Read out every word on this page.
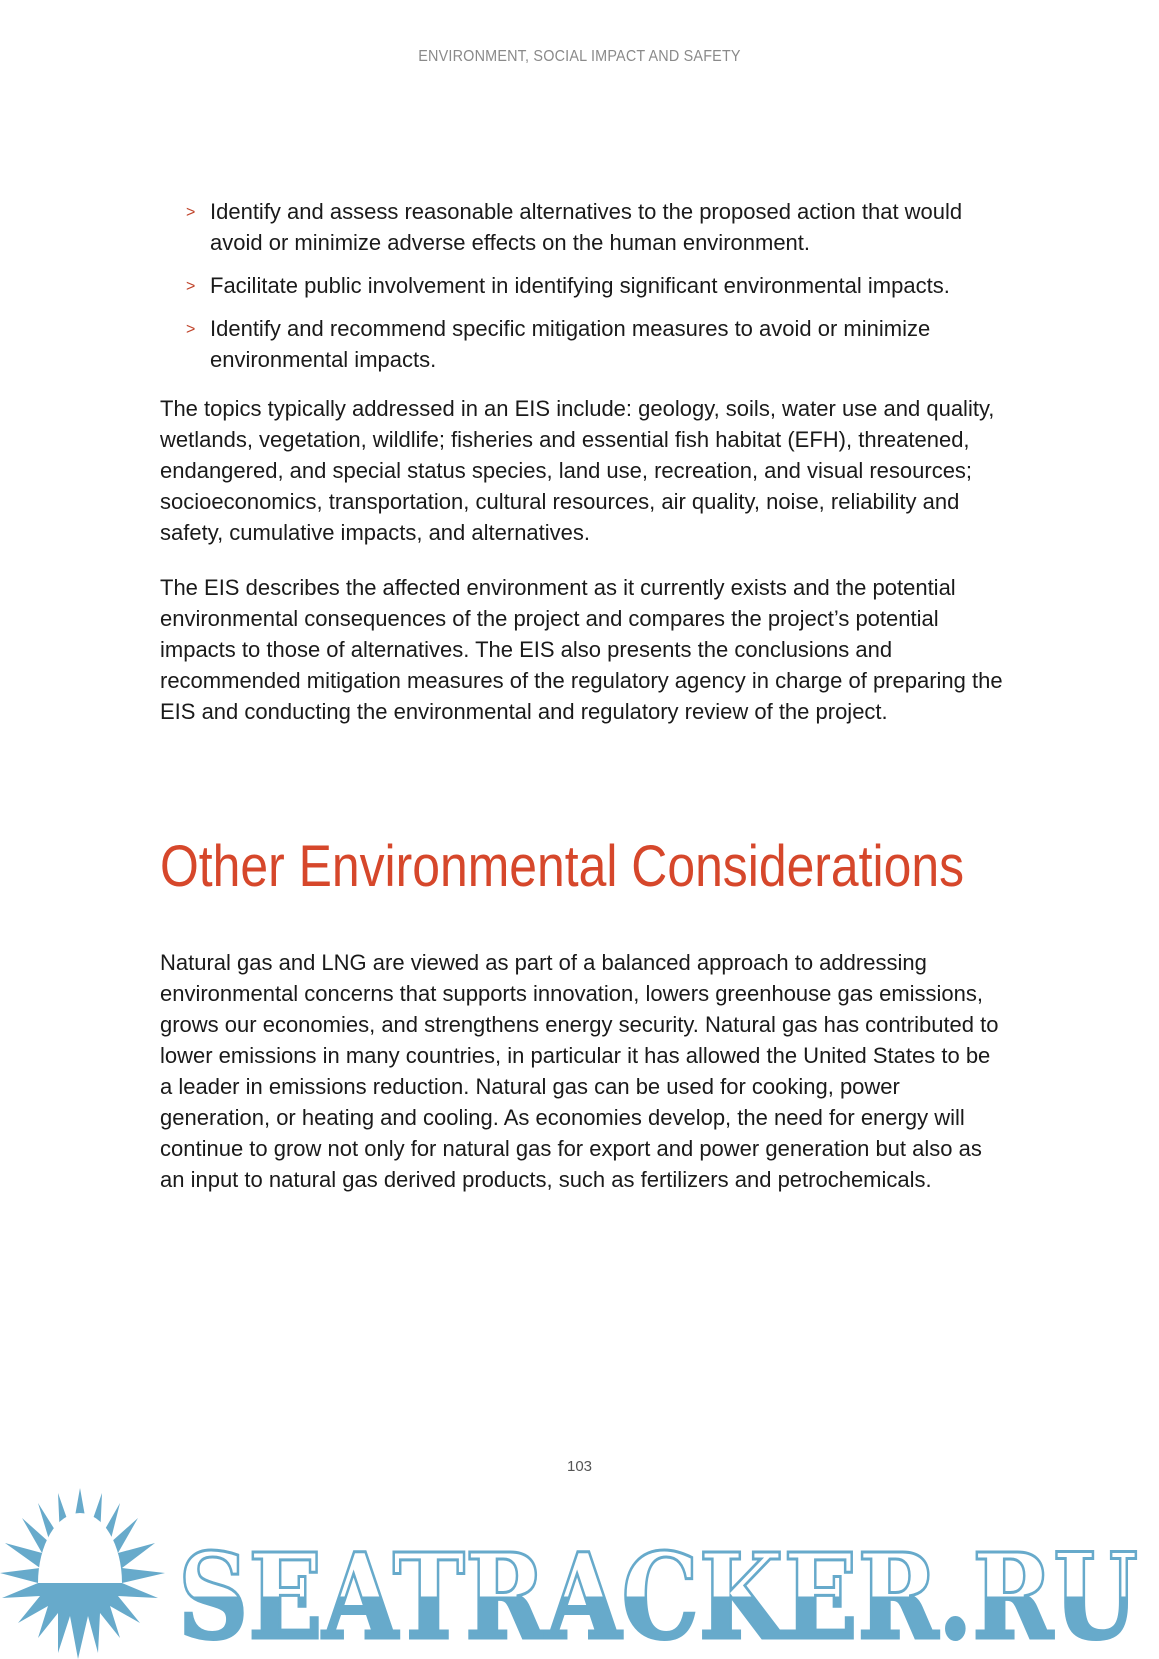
ENVIRONMENT, SOCIAL IMPACT AND SAFETY
> Identify and assess reasonable alternatives to the proposed action that would avoid or minimize adverse effects on the human environment.
> Facilitate public involvement in identifying significant environmental impacts.
> Identify and recommend specific mitigation measures to avoid or minimize environmental impacts.

The topics typically addressed in an EIS include: geology, soils, water use and quality, wetlands, vegetation, wildlife; fisheries and essential fish habitat (EFH), threatened, endangered, and special status species, land use, recreation, and visual resources; socioeconomics, transportation, cultural resources, air quality, noise, reliability and safety, cumulative impacts, and alternatives.

The EIS describes the affected environment as it currently exists and the potential environmental consequences of the project and compares the project’s potential impacts to those of alternatives. The EIS also presents the conclusions and recommended mitigation measures of the regulatory agency in charge of preparing the EIS and conducting the environmental and regulatory review of the project.

Other Environmental Considerations

Natural gas and LNG are viewed as part of a balanced approach to addressing environmental concerns that supports innovation, lowers greenhouse gas emissions, grows our economies, and strengthens energy security. Natural gas has contributed to lower emissions in many countries, in particular it has allowed the United States to be a leader in emissions reduction. Natural gas can be used for cooking, power generation, or heating and cooling. As economies develop, the need for energy will continue to grow not only for natural gas for export and power generation but also as an input to natural gas derived products, such as fertilizers and petrochemicals.

103
SEATRACKER.RU
